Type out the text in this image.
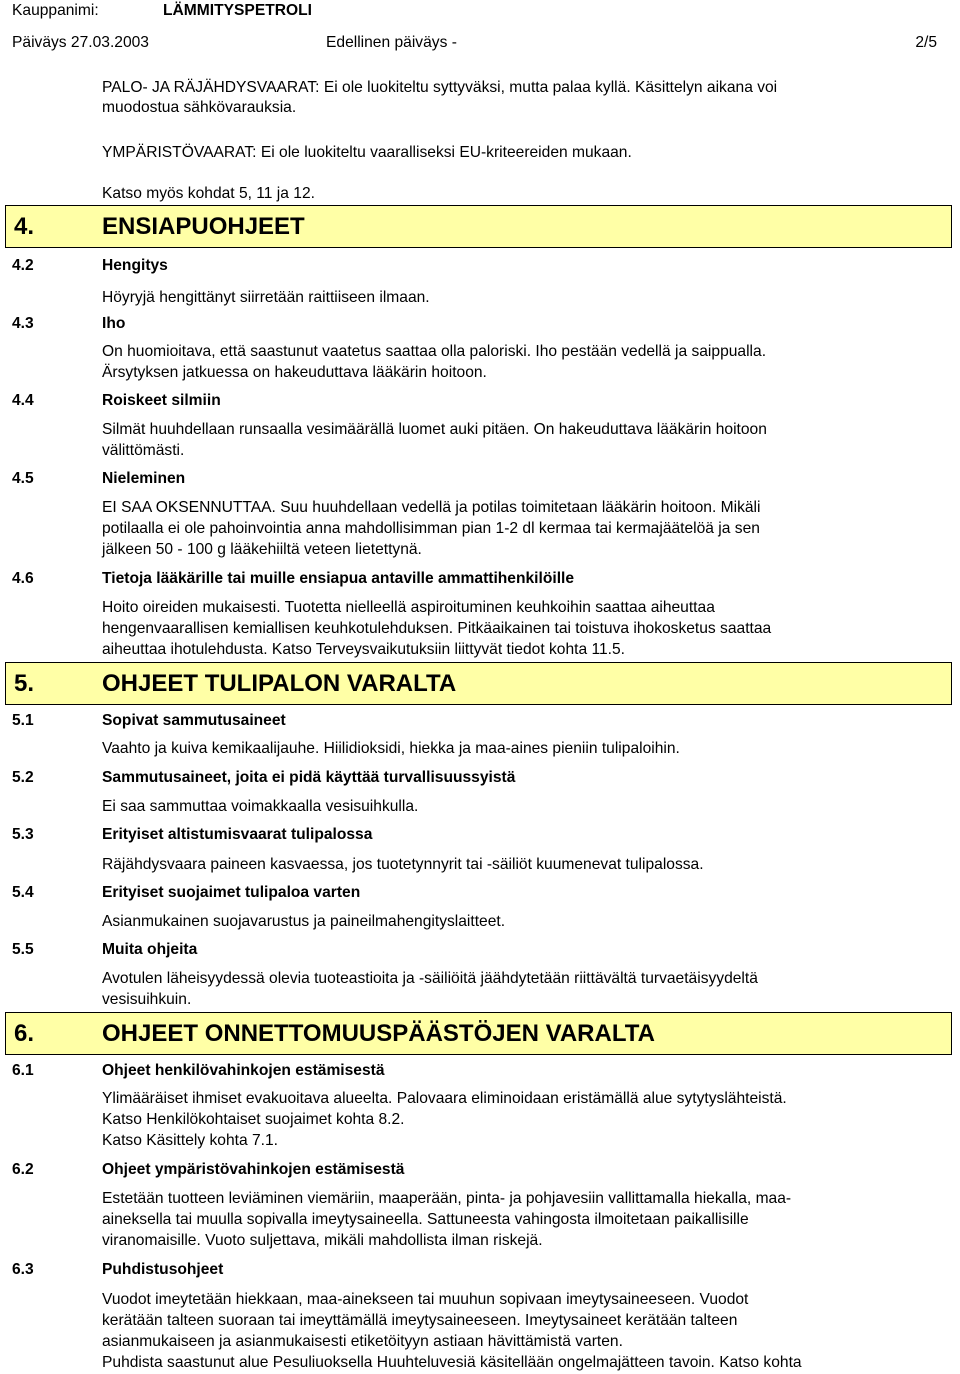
Kauppanimi:	LÄMMITYSPETROLI
Päiväys 27.03.2003	Edellinen päiväys -	2/5
PALO- JA RÄJÄHDYSVAARAT: Ei ole luokiteltu syttyväksi, mutta palaa kyllä. Käsittelyn aikana voi
muodostua sähkövarauksia.
YMPÄRISTÖVAARAT: Ei ole luokiteltu vaaralliseksi EU-kriteereiden mukaan.
Katso myös kohdat 5, 11 ja 12.
4.	ENSIAPUOHJEET
4.2	Hengitys
Höyryjä hengittänyt siirretään raittiiseen ilmaan.
4.3	Iho
On huomioitava, että saastunut vaatetus saattaa olla paloriski. Iho pestään vedellä ja saippualla.
Ärsytyksen jatkuessa on hakeuduttava lääkärin hoitoon.
4.4	Roiskeet silmiin
Silmät huuhdellaan runsaalla vesimäärällä luomet auki pitäen. On hakeuduttava lääkärin hoitoon
välittömästi.
4.5	Nieleminen
EI SAA OKSENNUTTAA. Suu huuhdellaan vedellä ja potilas toimitetaan lääkärin hoitoon. Mikäli
potilaalla ei ole pahoinvointia anna mahdollisimman pian 1-2 dl kermaa tai kermajäätelöä ja sen
jälkeen 50 - 100 g lääkehiiltä veteen lietettynä.
4.6	Tietoja lääkärille tai muille ensiapua antaville ammattihenkilöille
Hoito oireiden mukaisesti. Tuotetta nielleellä aspiroituminen keuhkoihin saattaa aiheuttaa
hengenvaarallisen kemiallisen keuhkotulehduksen. Pitkäaikainen tai toistuva ihokosketus saattaa
aiheuttaa ihotulehdusta. Katso Terveysvaikutuksiin liittyvät tiedot kohta 11.5.
5.	OHJEET TULIPALON VARALTA
5.1	Sopivat sammutusaineet
Vaahto ja kuiva kemikaalijauhe. Hiilidioksidi, hiekka ja maa-aines pieniin tulipaloihin.
5.2	Sammutusaineet, joita ei pidä käyttää turvallisuussyistä
Ei saa sammuttaa voimakkaalla vesisuihkulla.
5.3	Erityiset altistumisvaarat tulipalossa
Räjähdysvaara paineen kasvaessa, jos tuotetynnyrit tai -säiliöt kuumenevat tulipalossa.
5.4	Erityiset suojaimet tulipaloa varten
Asianmukainen suojavarustus ja paineilmahengityslaitteet.
5.5	Muita ohjeita
Avotulen läheisyydessä olevia tuoteastioita ja -säiliöitä jäähdytetään riittävältä turvaetäisyydeltä
vesisuihkuin.
6.	OHJEET ONNETTOMUUSPÄÄSTÖJEN VARALTA
6.1	Ohjeet henkilövahinkojen estämisestä
Ylimääräiset ihmiset evakuoitava alueelta. Palovaara eliminoidaan eristämällä alue sytytyslähteistä.
Katso Henkilökohtaiset suojaimet kohta 8.2.
Katso Käsittely kohta 7.1.
6.2	Ohjeet ympäristövahinkojen estämisestä
Estetään tuotteen leviäminen viemäriin, maaperään, pinta- ja pohjavesiin vallittamalla hiekalla, maa-
aineksella tai muulla sopivalla imeytysaineella. Sattuneesta vahingosta ilmoitetaan paikallisille
viranomaisille. Vuoto suljettava, mikäli mahdollista ilman riskejä.
6.3	Puhdistusohjeet
Vuodot imeytetään hiekkaan, maa-ainekseen tai muuhun sopivaan imeytysaineeseen. Vuodot
kerätään talteen suoraan tai imeyttämällä imeytysaineeseen. Imeytysaineet kerätään talteen
asianmukaiseen ja asianmukaisesti etiketöityyn astiaan hävittämistä varten.
Puhdista saastunut alue Pesuliuoksella Huuhteluvesiä käsitellään ongelmajätteen tavoin. Katso kohta
